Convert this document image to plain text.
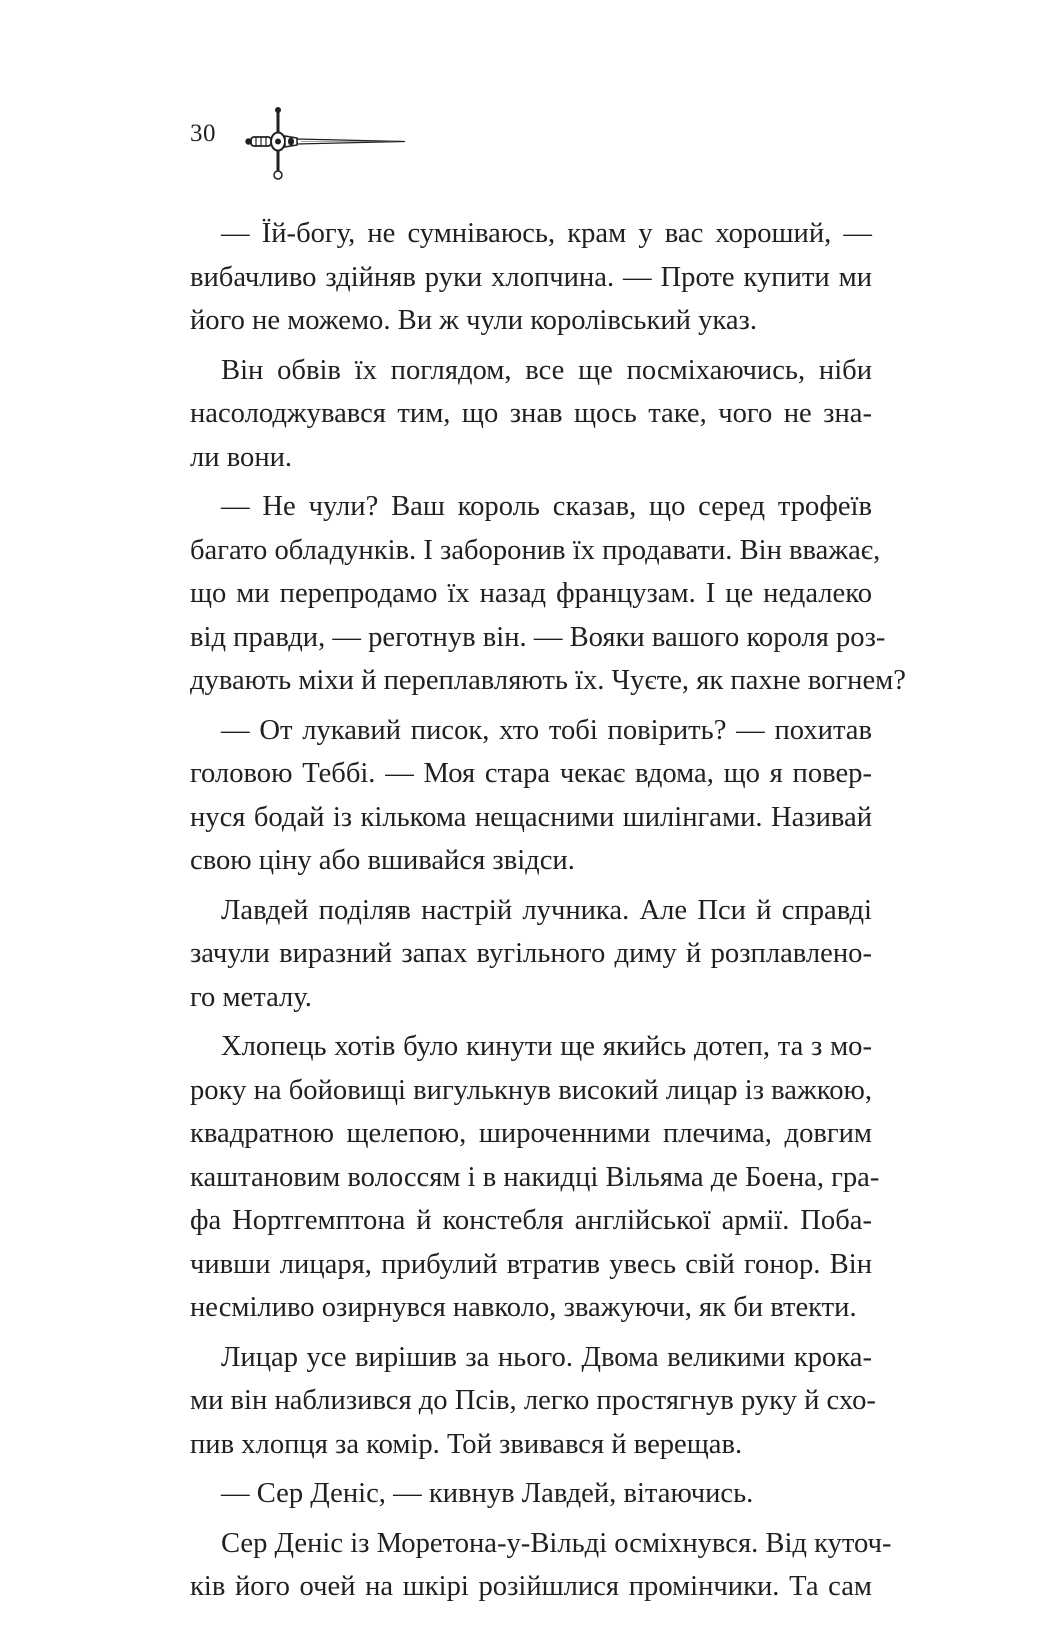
30

— Їй-богу, не сумніваюсь, крам у вас хороший, —
вибачливо здійняв руки хлопчина. — Проте купити ми
його не можемо. Ви ж чули королівський указ.

Він обвів їх поглядом, все ще посміхаючись, ніби
насолоджувався тим, що знав щось таке, чого не зна-
ли вони.

— Не чули? Ваш король сказав, що серед трофеїв
багато обладунків. І заборонив їх продавати. Він вважає,
що ми перепродамо їх назад французам. І це недалеко
від правди, — реготнув він. — Вояки вашого короля роз-
дувають міхи й переплавляють їх. Чуєте, як пахне вогнем?

— От лукавий писок, хто тобі повірить? — похитав
головою Теббі. — Моя стара чекає вдома, що я повер-
нуся бодай із кількома нещасними шилінгами. Називай
свою ціну або вшивайся звідси.

Лавдей поділяв настрій лучника. Але Пси й справді
зачули виразний запах вугільного диму й розплавлено-
го металу.

Хлопець хотів було кинути ще якийсь дотеп, та з мо-
року на бойовищі вигулькнув високий лицар із важкою,
квадратною щелепою, широченними плечима, довгим
каштановим волоссям і в накидці Вільяма де Боена, гра-
фа Нортгемптона й констебля англійської армії. Поба-
чивши лицаря, прибулий втратив увесь свій гонор. Він
несміливо озирнувся навколо, зважуючи, як би втекти.

Лицар усе вирішив за нього. Двома великими крока-
ми він наблизився до Псів, легко простягнув руку й схо-
пив хлопця за комір. Той звивався й верещав.

— Сер Деніс, — кивнув Лавдей, вітаючись.

Сер Деніс із Моретона-у-Вільді осміхнувся. Від куточ-
ків його очей на шкірі розійшлися промінчики. Та сам
